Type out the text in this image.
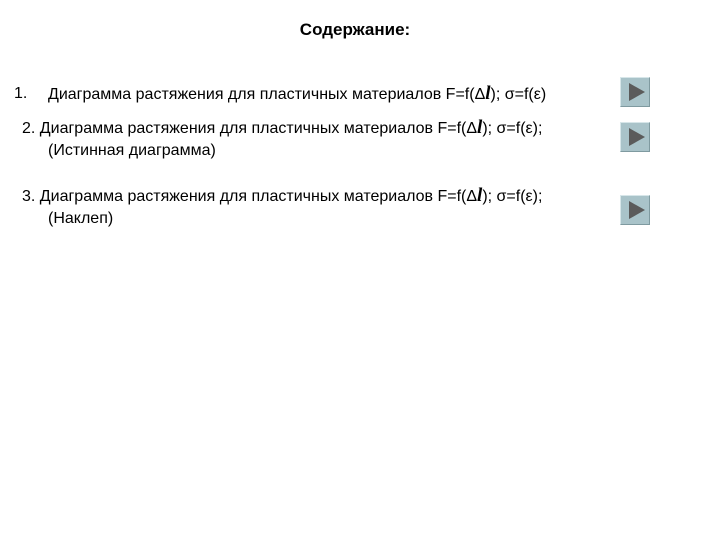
Содержание:
1. Диаграмма растяжения для пластичных материалов F=f(Δl); σ=f(ε)
2. Диаграмма растяжения для пластичных материалов F=f(Δl); σ=f(ε);
(Истинная диаграмма)
3. Диаграмма растяжения для пластичных материалов F=f(Δl); σ=f(ε);
(Наклеп)
